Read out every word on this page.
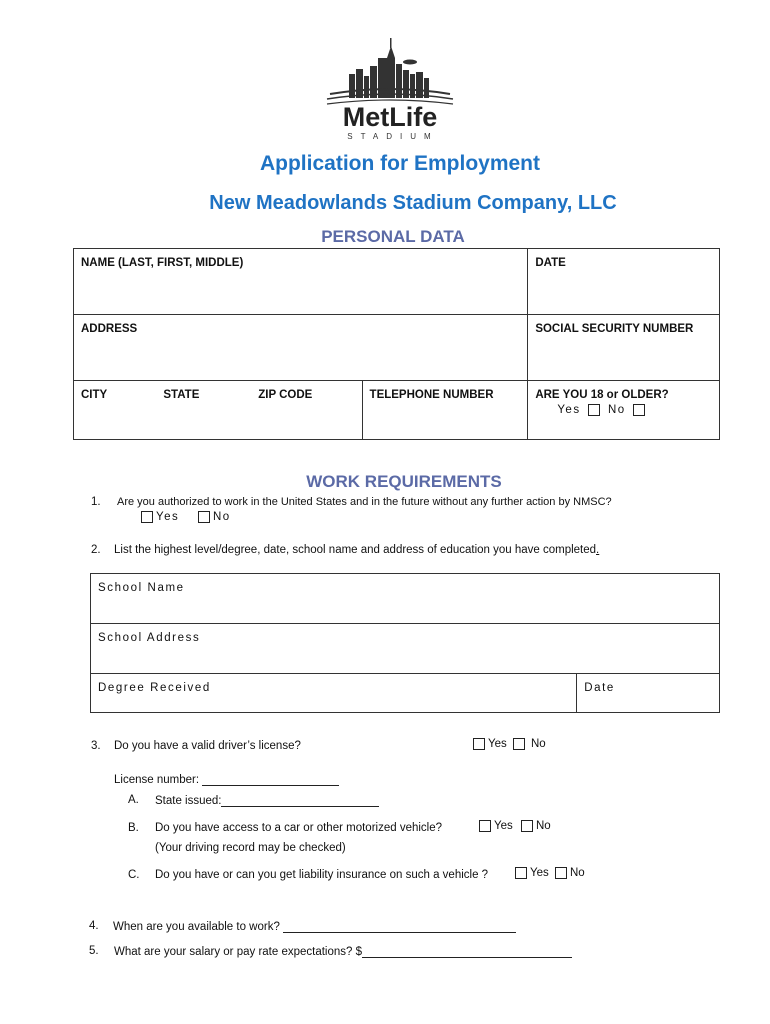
MetLife
STADIUM
Application for Employment
New Meadowlands Stadium Company, LLC
PERSONAL DATA
NAME (LAST, FIRST, MIDDLE)				DATE
ADDRESS				SOCIAL SECURITY NUMBER
CITY	STATE	ZIP CODE	TELEPHONE NUMBER	ARE YOU 18 or OLDER?
Yes No
WORK REQUIREMENTS
1. Are you authorized to work in the United States and in the future without any further action by NMSC?
Yes	No
2. List the highest level/degree, date, school name and address of education you have completed.
School Name
School Address
Degree Received	Date
3. Do you have a valid driver’s license?	Yes No
License number:
A. State issued:
B. Do you have access to a car or other motorized vehicle?	Yes No
(Your driving record may be checked)
C. Do you have or can you get liability insurance on such a vehicle ?	Yes No
4. When are you available to work?
5. What are your salary or pay rate expectations? $
